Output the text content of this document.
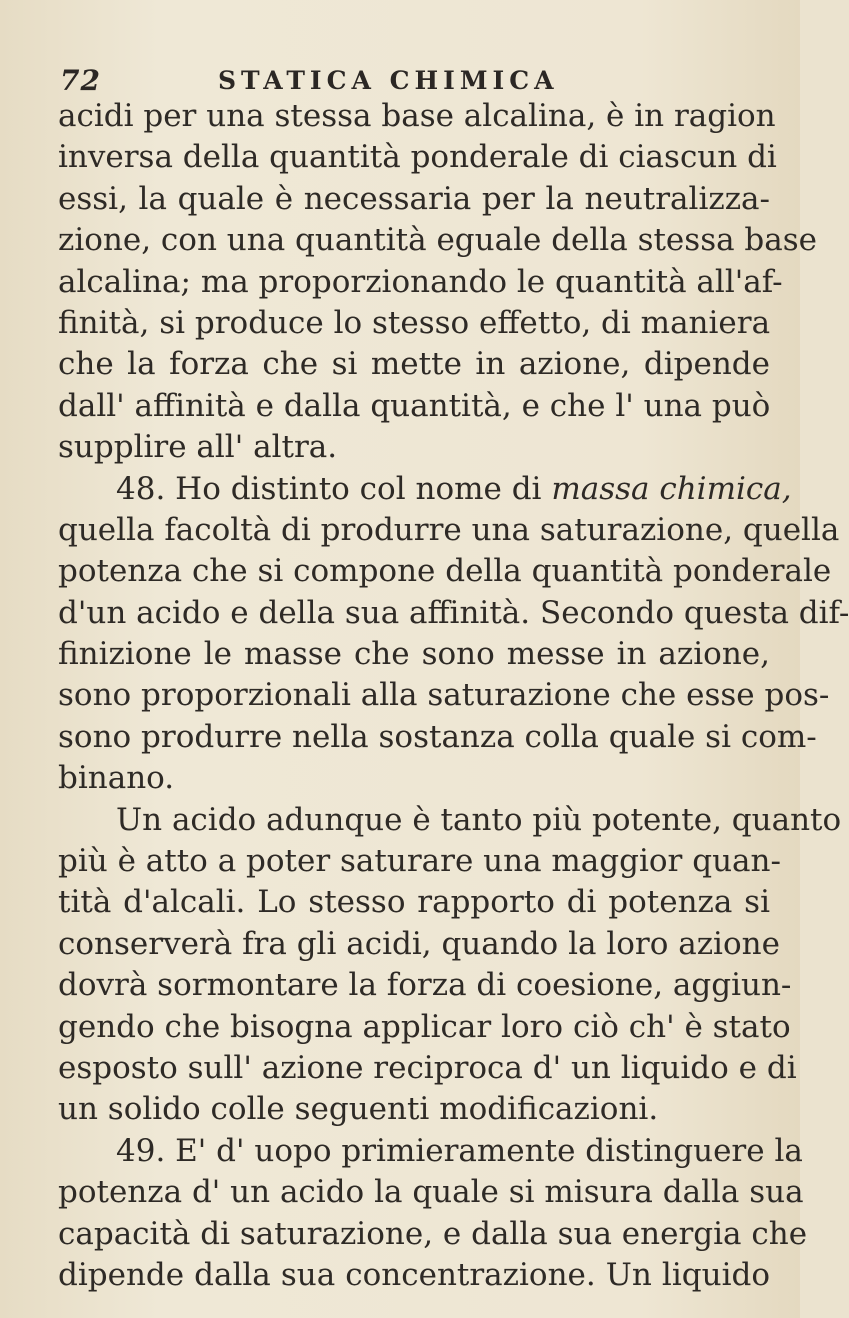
72	STATICA CHIMICA
acidi per una stessa base alcalina, è in ragion
inversa della quantità ponderale di ciascun di
essi, la quale è necessaria per la neutralizza-
zione, con una quantità eguale della stessa base
alcalina; ma proporzionando le quantità all'af-
finità, si produce lo stesso effetto, di maniera
che la forza che si mette in azione, dipende
dall' affinità e dalla quantità, e che l' una può
supplire all' altra.
48. Ho distinto col nome di massa chimica,
quella facoltà di produrre una saturazione, quella
potenza che si compone della quantità ponderale
d'un acido e della sua affinità. Secondo questa dif-
finizione le masse che sono messe in azione,
sono proporzionali alla saturazione che esse pos-
sono produrre nella sostanza colla quale si com-
binano.
Un acido adunque è tanto più potente, quanto
più è atto a poter saturare una maggior quan-
tità d'alcali. Lo stesso rapporto di potenza si
conserverà fra gli acidi, quando la loro azione
dovrà sormontare la forza di coesione, aggiun-
gendo che bisogna applicar loro ciò ch' è stato
esposto sull' azione reciproca d' un liquido e di
un solido colle seguenti modificazioni.
49. E' d' uopo primieramente distinguere la
potenza d' un acido la quale si misura dalla sua
capacità di saturazione, e dalla sua energia che
dipende dalla sua concentrazione. Un liquido
